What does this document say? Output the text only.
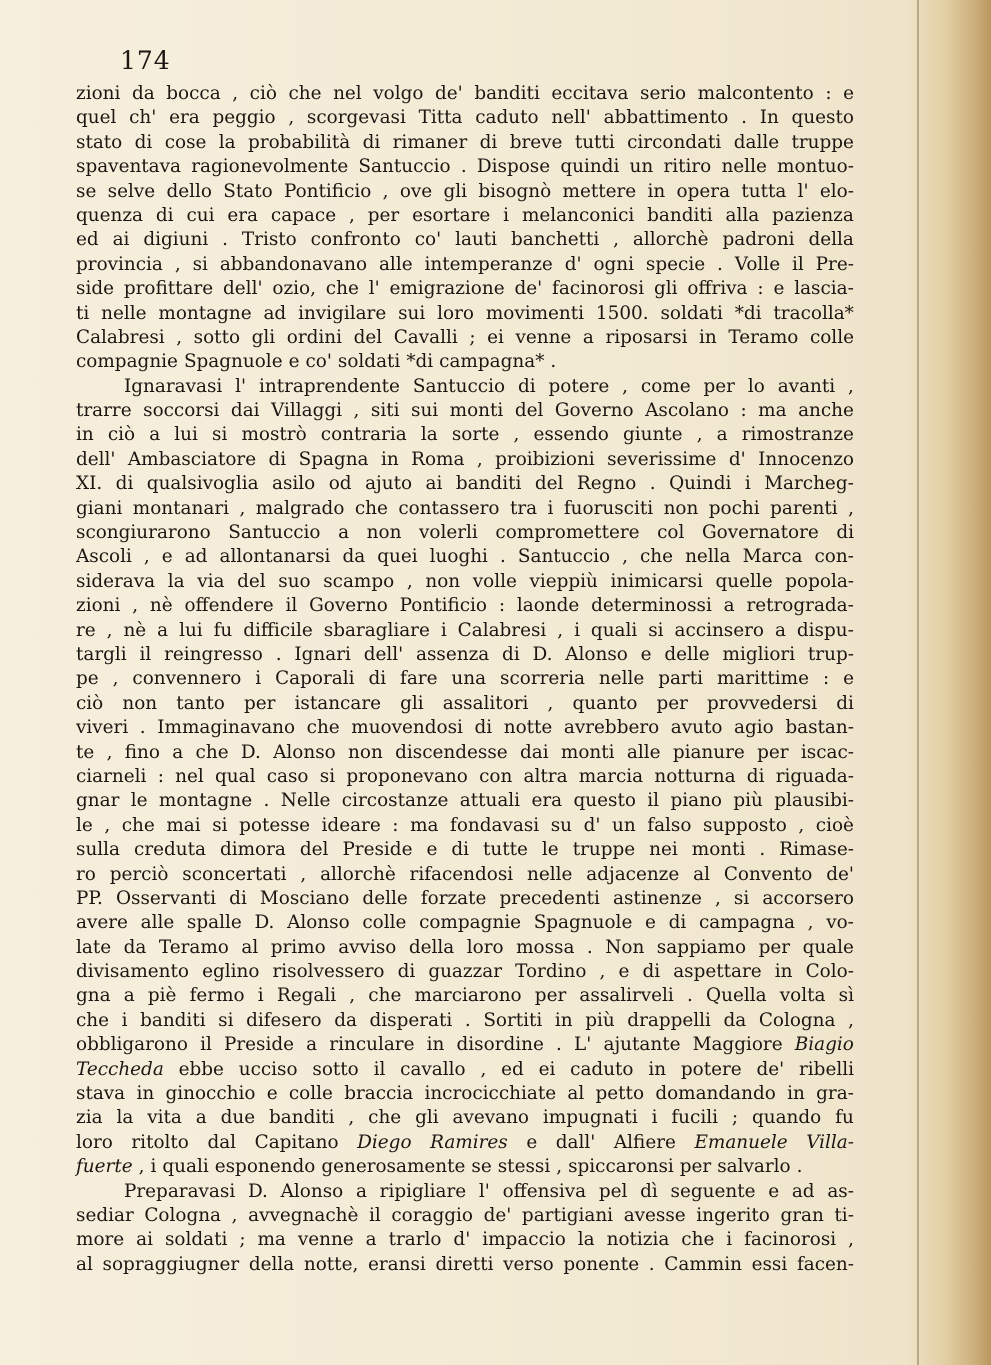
174
zioni da bocca , ciò che nel volgo de' banditi eccitava serio malcontento : e
quel ch' era peggio , scorgevasi Titta caduto nell' abbattimento . In questo
stato di cose la probabilità di rimaner di breve tutti circondati dalle truppe
spaventava ragionevolmente Santuccio . Dispose quindi un ritiro nelle montuo-
se selve dello Stato Pontificio , ove gli bisognò mettere in opera tutta l' elo-
quenza di cui era capace , per esortare i melanconici banditi alla pazienza
ed ai digiuni . Tristo confronto co' lauti banchetti , allorchè padroni della
provincia , si abbandonavano alle intemperanze d' ogni specie . Volle il Pre-
side profittare dell' ozio, che l' emigrazione de' facinorosi gli offriva : e lascia-
ti nelle montagne ad invigilare sui loro movimenti 1500. soldati *di tracolla*
Calabresi , sotto gli ordini del Cavalli ; ei venne a riposarsi in Teramo colle
compagnie Spagnuole e co' soldati *di campagna* .
Ignaravasi l' intraprendente Santuccio di potere , come per lo avanti ,
trarre soccorsi dai Villaggi , siti sui monti del Governo Ascolano : ma anche
in ciò a lui si mostrò contraria la sorte , essendo giunte , a rimostranze
dell' Ambasciatore di Spagna in Roma , proibizioni severissime d' Innocenzo
XI. di qualsivoglia asilo od ajuto ai banditi del Regno . Quindi i Marcheg-
giani montanari , malgrado che contassero tra i fuorusciti non pochi parenti ,
scongiurarono Santuccio a non volerli compromettere col Governatore di
Ascoli , e ad allontanarsi da quei luoghi . Santuccio , che nella Marca con-
siderava la via del suo scampo , non volle vieppiù inimicarsi quelle popola-
zioni , nè offendere il Governo Pontificio : laonde determinossi a retrograda-
re , nè a lui fu difficile sbaragliare i Calabresi , i quali si accinsero a dispu-
targli il reingresso . Ignari dell' assenza di D. Alonso e delle migliori trup-
pe , convennero i Caporali di fare una scorreria nelle parti marittime : e
ciò non tanto per istancare gli assalitori , quanto per provvedersi di
viveri . Immaginavano che muovendosi di notte avrebbero avuto agio bastan-
te , fino a che D. Alonso non discendesse dai monti alle pianure per iscac-
ciarneli : nel qual caso si proponevano con altra marcia notturna di riguada-
gnar le montagne . Nelle circostanze attuali era questo il piano più plausibi-
le , che mai si potesse ideare : ma fondavasi su d' un falso supposto , cioè
sulla creduta dimora del Preside e di tutte le truppe nei monti . Rimase-
ro perciò sconcertati , allorchè rifacendosi nelle adjacenze al Convento de'
PP. Osservanti di Mosciano delle forzate precedenti astinenze , si accorsero
avere alle spalle D. Alonso colle compagnie Spagnuole e di campagna , vo-
late da Teramo al primo avviso della loro mossa . Non sappiamo per quale
divisamento eglino risolvessero di guazzar Tordino , e di aspettare in Colo-
gna a piè fermo i Regali , che marciarono per assalirveli . Quella volta sì
che i banditi si difesero da disperati . Sortiti in più drappelli da Cologna ,
obbligarono il Preside a rinculare in disordine . L' ajutante Maggiore Biagio
Teccheda ebbe ucciso sotto il cavallo , ed ei caduto in potere de' ribelli
stava in ginocchio e colle braccia incrocicchiate al petto domandando in gra-
zia la vita a due banditi , che gli avevano impugnati i fucili ; quando fu
loro ritolto dal Capitano Diego Ramires e dall' Alfiere Emanuele Villa-
fuerte , i quali esponendo generosamente se stessi , spiccaronsi per salvarlo .
Preparavasi D. Alonso a ripigliare l' offensiva pel dì seguente e ad as-
sediar Cologna , avvegnachè il coraggio de' partigiani avesse ingerito gran ti-
more ai soldati ; ma venne a trarlo d' impaccio la notizia che i facinorosi ,
al sopraggiugner della notte, eransi diretti verso ponente . Cammin essi facen-
